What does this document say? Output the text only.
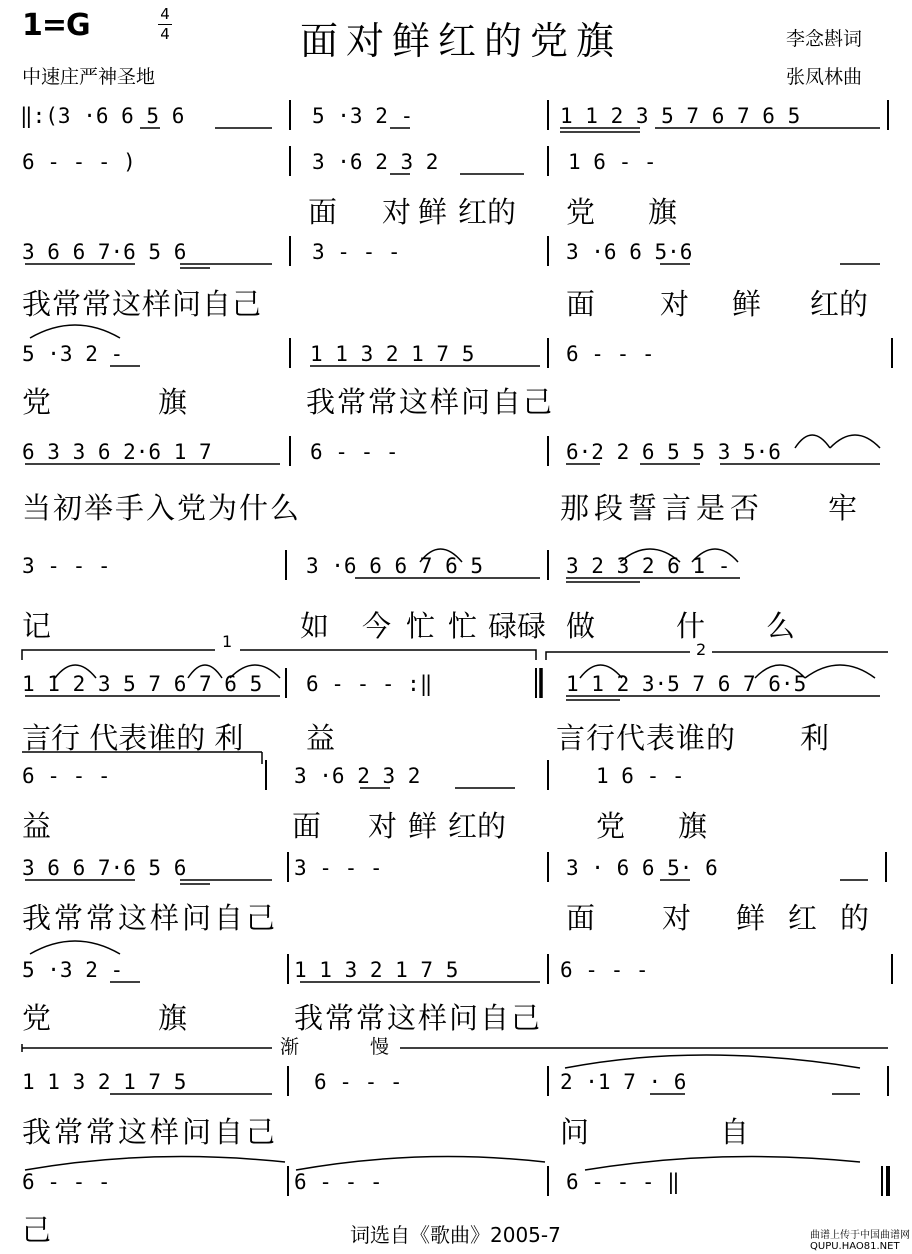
1=G	4
4	面对鲜红的党旗	李念斟词
张凤林曲
中速庄严神圣地
‖:(3 ·6 6 5 6	5 ·3 2 -	1 1 2 3 5 7 6 7 6 5
6 - - - )	3 ·6 2 3 2	1 6 - -
面 对 鲜 红的 党 旗
3 6 6 7·6 5 6	3 - - -	3 ·6 6 5·6
我常常这样问自己	面 对 鲜 红的
5 ·3 2 -	1 1 3 2 1 7 5	6 - - -
党	旗	我常常这样问自己
6 3 3 6 2·6 1 7	6 - - -	6·2 2 6 5 5 3 5·6
当初举手入党为什么	那段誓言是否 牢
3 - - -	3 ·6 6 6 7 6 5	3 2 3 2 6 1 -
记	如 今 忙 忙 碌碌 做	什 么
1	2
1 1 2 3 5 7 6 7 6 5 6 - - - :‖	1 1 2 3·5 7 6 7 6·5
言行 代表谁的 利 益	言行代表谁的 利
6 - - -	3 ·6 2 3 2	1 6 - -
益	面 对 鲜 红的	党 旗
3 6 6 7·6 5 6	3 - - -	3 · 6 6 5· 6
我常常这样问自己	面 对 鲜 红 的
5 ·3 2 -	1 1 3 2 1 7 5	6 - - -
党	旗	我常常这样问自己
渐	慢
1 1 3 2 1 7 5	6 - - -	2 ·1 7 · 6
我常常这样问自己	问	自
6 - - -	6 - - -	6 - - - ‖
己	词选自《歌曲》2005-7	曲谱上传于中国曲谱网
QUPU.HAO81.NET
